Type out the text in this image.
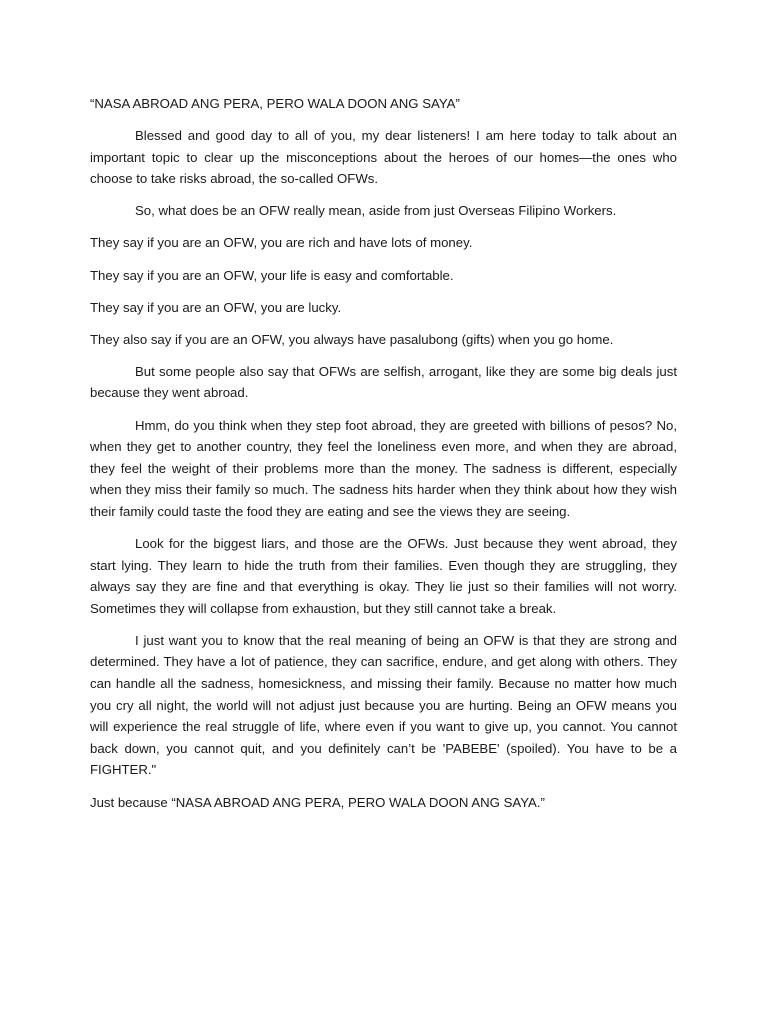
“NASA ABROAD ANG PERA, PERO WALA DOON ANG SAYA”

Blessed and good day to all of you, my dear listeners! I am here today to talk about an important topic to clear up the misconceptions about the heroes of our homes—the ones who choose to take risks abroad, the so-called OFWs.

So, what does be an OFW really mean, aside from just Overseas Filipino Workers.

They say if you are an OFW, you are rich and have lots of money.

They say if you are an OFW, your life is easy and comfortable.

They say if you are an OFW, you are lucky.

They also say if you are an OFW, you always have pasalubong (gifts) when you go home.

But some people also say that OFWs are selfish, arrogant, like they are some big deals just because they went abroad.

Hmm, do you think when they step foot abroad, they are greeted with billions of pesos? No, when they get to another country, they feel the loneliness even more, and when they are abroad, they feel the weight of their problems more than the money. The sadness is different, especially when they miss their family so much. The sadness hits harder when they think about how they wish their family could taste the food they are eating and see the views they are seeing.

Look for the biggest liars, and those are the OFWs. Just because they went abroad, they start lying. They learn to hide the truth from their families. Even though they are struggling, they always say they are fine and that everything is okay. They lie just so their families will not worry. Sometimes they will collapse from exhaustion, but they still cannot take a break.

I just want you to know that the real meaning of being an OFW is that they are strong and determined. They have a lot of patience, they can sacrifice, endure, and get along with others. They can handle all the sadness, homesickness, and missing their family. Because no matter how much you cry all night, the world will not adjust just because you are hurting. Being an OFW means you will experience the real struggle of life, where even if you want to give up, you cannot. You cannot back down, you cannot quit, and you definitely can’t be 'PABEBE' (spoiled). You have to be a FIGHTER."

Just because “NASA ABROAD ANG PERA, PERO WALA DOON ANG SAYA.”
